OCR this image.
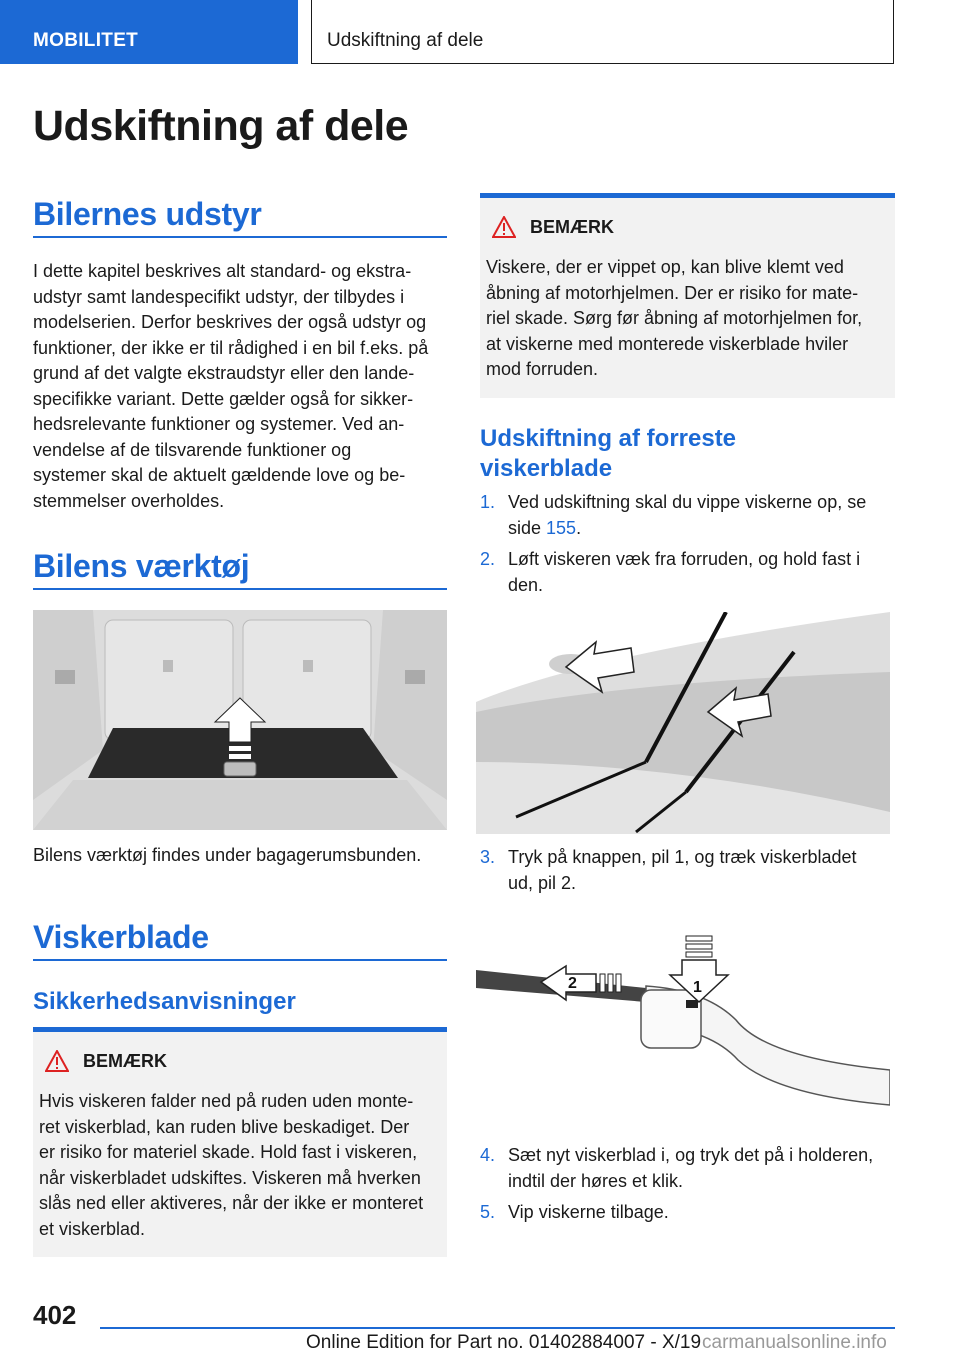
MOBILITET	Udskiftning af dele
Udskiftning af dele
Bilernes udstyr
I dette kapitel beskrives alt standard- og ekstra-
udstyr samt landespecifikt udstyr, der tilbydes i
modelserien. Derfor beskrives der også udstyr og
funktioner, der ikke er til rådighed i en bil f.eks. på
grund af det valgte ekstraudstyr eller den lande-
specifikke variant. Dette gælder også for sikker-
hedsrelevante funktioner og systemer. Ved an-
vendelse af de tilsvarende funktioner og
systemer skal de aktuelt gældende love og be-
stemmelser overholdes.
Bilens værktøj
Bilens værktøj findes under bagagerumsbunden.
Viskerblade
Sikkerhedsanvisninger
BEMÆRK
Hvis viskeren falder ned på ruden uden monte-
ret viskerblad, kan ruden blive beskadiget. Der
er risiko for materiel skade. Hold fast i viskeren,
når viskerbladet udskiftes. Viskeren må hverken
slås ned eller aktiveres, når der ikke er monteret
et viskerblad.
BEMÆRK
Viskere, der er vippet op, kan blive klemt ved
åbning af motorhjelmen. Der er risiko for mate-
riel skade. Sørg før åbning af motorhjelmen for,
at viskerne med monterede viskerblade hviler
mod forruden.
Udskiftning af forreste
viskerblade
1. Ved udskiftning skal du vippe viskerne op, se
side 155.
2. Løft viskeren væk fra forruden, og hold fast i
den.
3. Tryk på knappen, pil 1, og træk viskerbladet
ud, pil 2.
4. Sæt nyt viskerblad i, og tryk det på i holderen,
indtil der høres et klik.
5. Vip viskerne tilbage.
1
2
402
Online Edition for Part no. 01402884007 - X/19 carmanualsonline.info
